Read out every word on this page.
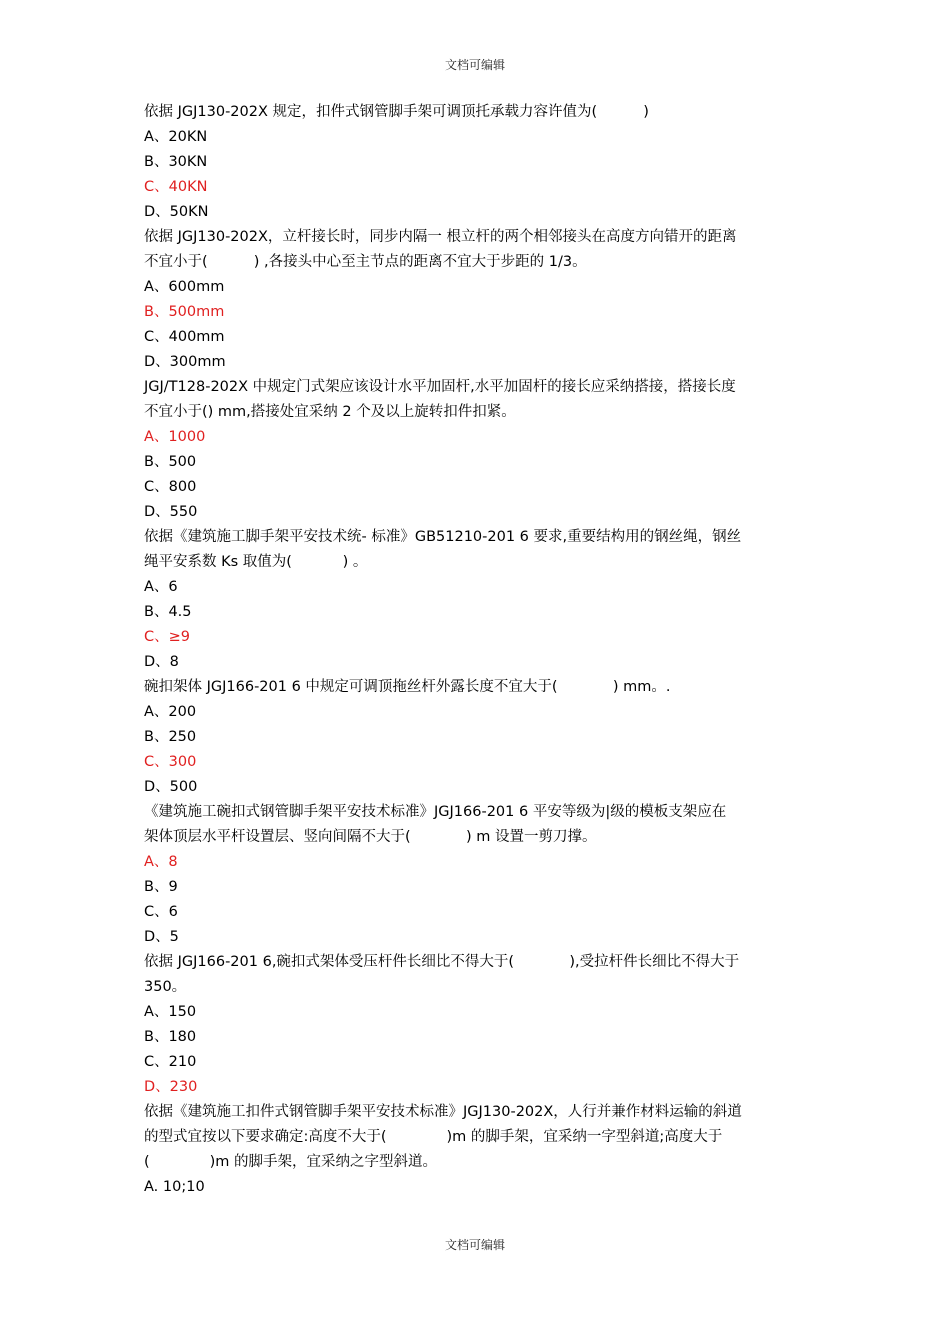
文档可编辑
依据 JGJ130-202X 规定，扣件式钢管脚手架可调顶托承载力容许值为(          )
A、20KN
B、30KN
C、40KN
D、50KN
依据 JGJ130-202X，立杆接长时，同步内隔一 根立杆的两个相邻接头在高度方向错开的距离
不宜小于(          ) ,各接头中心至主节点的距离不宜大于步距的 1/3。
A、600mm
B、500mm
C、400mm
D、300mm
JGJ/T128-202X 中规定门式架应该设计水平加固杆,水平加固杆的接长应采纳搭接，搭接长度
不宜小于() mm,搭接处宜采纳 2 个及以上旋转扣件扣紧。
A、1000
B、500
C、800
D、550
依据《建筑施工脚手架平安技术统- 标准》GB51210-201 6 要求,重要结构用的钢丝绳，钢丝
绳平安系数 Ks 取值为(           ) 。
A、6
B、4.5
C、≥9
D、8
碗扣架体 JGJ166-201 6 中规定可调顶拖丝杆外露长度不宜大于(            ) mm。.
A、200
B、250
C、300
D、500
《建筑施工碗扣式钢管脚手架平安技术标准》JGJ166-201 6 平安等级为|级的模板支架应在
架体顶层水平杆设置层、竖向间隔不大于(            ) m 设置一剪刀撑。
A、8
B、9
C、6
D、5
依据 JGJ166-201 6,碗扣式架体受压杆件长细比不得大于(            ),受拉杆件长细比不得大于
350。
A、150
B、180
C、210
D、230
依据《建筑施工扣件式钢管脚手架平安技术标准》JGJ130-202X，人行并兼作材料运输的斜道
的型式宜按以下要求确定:高度不大于(             )m 的脚手架，宜采纳一字型斜道;高度大于
(             )m 的脚手架，宜采纳之字型斜道。
A. 10;10
文档可编辑
